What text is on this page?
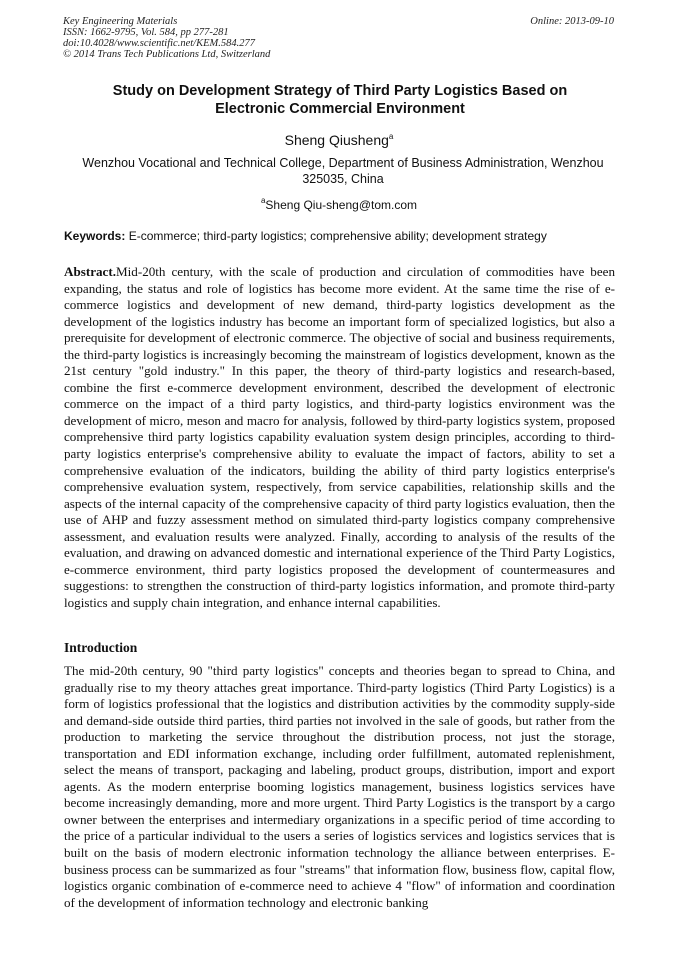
Key Engineering Materials
ISSN: 1662-9795, Vol. 584, pp 277-281
doi:10.4028/www.scientific.net/KEM.584.277
© 2014 Trans Tech Publications Ltd, Switzerland
Online: 2013-09-10
Study on Development Strategy of Third Party Logistics Based on
Electronic Commercial Environment
Sheng Qiusheng$^a$
Wenzhou Vocational and Technical College, Department of Business Administration, Wenzhou 325035, China
$^a$Sheng Qiu-sheng@tom.com
Keywords: E-commerce; third-party logistics; comprehensive ability; development strategy
Abstract.Mid-20th century, with the scale of production and circulation of commodities have been expanding, the status and role of logistics has become more evident. At the same time the rise of e-commerce logistics and development of new demand, third-party logistics development as the development of the logistics industry has become an important form of specialized logistics, but also a prerequisite for development of electronic commerce. The objective of social and business requirements, the third-party logistics is increasingly becoming the mainstream of logistics development, known as the 21st century "gold industry." In this paper, the theory of third-party logistics and research-based, combine the first e-commerce development environment, described the development of electronic commerce on the impact of a third party logistics, and third-party logistics environment was the development of micro, meson and macro for analysis, followed by third-party logistics system, proposed comprehensive third party logistics capability evaluation system design principles, according to third-party logistics enterprise's comprehensive ability to evaluate the impact of factors, ability to set a comprehensive evaluation of the indicators, building the ability of third party logistics enterprise's comprehensive evaluation system, respectively, from service capabilities, relationship skills and the aspects of the internal capacity of the comprehensive capacity of third party logistics evaluation, then the use of AHP and fuzzy assessment method on simulated third-party logistics company comprehensive assessment, and evaluation results were analyzed. Finally, according to analysis of the results of the evaluation, and drawing on advanced domestic and international experience of the Third Party Logistics, e-commerce environment, third party logistics proposed the development of countermeasures and suggestions: to strengthen the construction of third-party logistics information, and promote third-party logistics and supply chain integration, and enhance internal capabilities.
Introduction
The mid-20th century, 90 "third party logistics" concepts and theories began to spread to China, and gradually rise to my theory attaches great importance. Third-party logistics (Third Party Logistics) is a form of logistics professional that the logistics and distribution activities by the commodity supply-side and demand-side outside third parties, third parties not involved in the sale of goods, but rather from the production to marketing the service throughout the distribution process, not just the storage, transportation and EDI information exchange, including order fulfillment, automated replenishment, select the means of transport, packaging and labeling, product groups, distribution, import and export agents. As the modern enterprise booming logistics management, business logistics services have become increasingly demanding, more and more urgent. Third Party Logistics is the transport by a cargo owner between the enterprises and intermediary organizations in a specific period of time according to the price of a particular individual to the users a series of logistics services and logistics services that is built on the basis of modern electronic information technology the alliance between enterprises. E-business process can be summarized as four "streams" that information flow, business flow, capital flow, logistics organic combination of e-commerce need to achieve 4 "flow" of information and coordination of the development of information technology and electronic banking
